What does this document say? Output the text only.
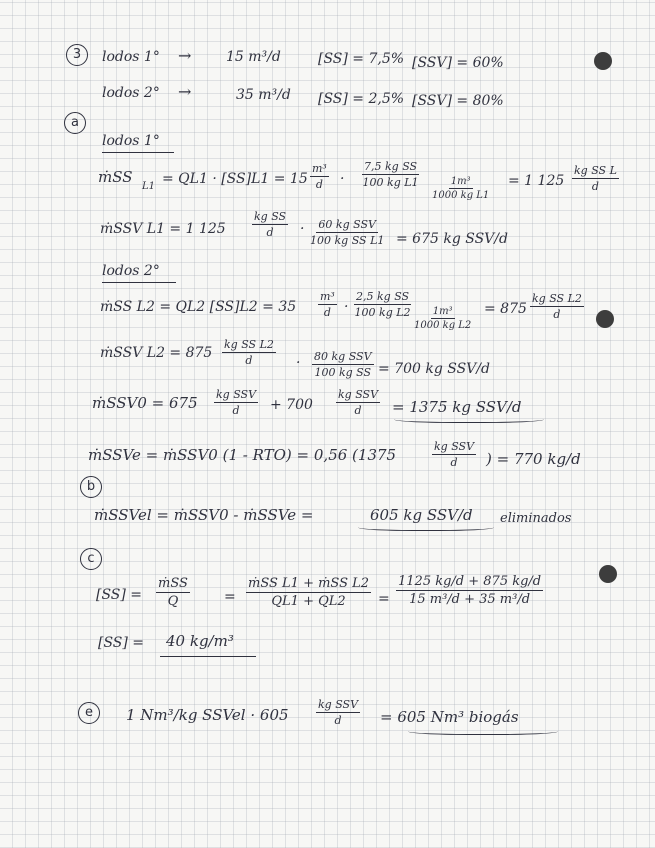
3	lodos 1° → 15 m³/d	[SS] = 7,5% [SSV] = 60%
lodos 2° →	35 m³/d [SS] = 2,5% [SSV] = 80%
a
lodos 1°
ṁSS
$L1 = QL1 \cdot [SS]L1 = 15 \frac{\text{m³}}{d} \cdot \frac{\text{7,5 kg SS}}{\text{100 kg L1}} \frac{\text{1m³}}{\text{1000 kg L1}} = 1$ $125 \frac{\text{kg SS L}}{d}$
ṁSSV L1 = 1 $125 \frac{\text{kg SS}}{d} \cdot 60$ kg SSV
100 kg SS L1 = 675 kg SSV/d
lodos 2°
ṁSS L2 = QL2 $[SS]L2 = 35 \frac{\text{m³}}{d} \cdot \frac{\text{2,5 kg SS}}{\text{100 kg L2}} \frac{\text{1m³}}{\text{1000 kg L2}} = 875 \frac{\text{kg SS L2}}{d}$
ṁSSV $L2 = 875 \frac{\text{kg SS L2}}{d} \cdot 80$ kg SSV
100 kg SS = 700 kg SSV/d
ṁSSV0 = 675 kg SSV
d + 700
kg SSV
d = 1375 kg SSV/d
ṁSSVe = ṁSSV0 (1 - RTO) = 0,56 (1375	kg SSV
d ) = 770 kg/d
b
ṁSSVel = ṁSSV0 - ṁSSVe =	605 kg SSV/d eliminados
c
[SS] =
ṁSS
Q	=
ṁSS L1 + ṁSS L2
$QL1 + QL2 = \frac{1125 kg/d + 875 kg/d}{\text{15 m³/d + 35 m³/d}}$
[SS] = 40 kg/m³
e	1 Nm³/kg SSVel · 605
kg SSV
d	= 605 Nm³ biogás
